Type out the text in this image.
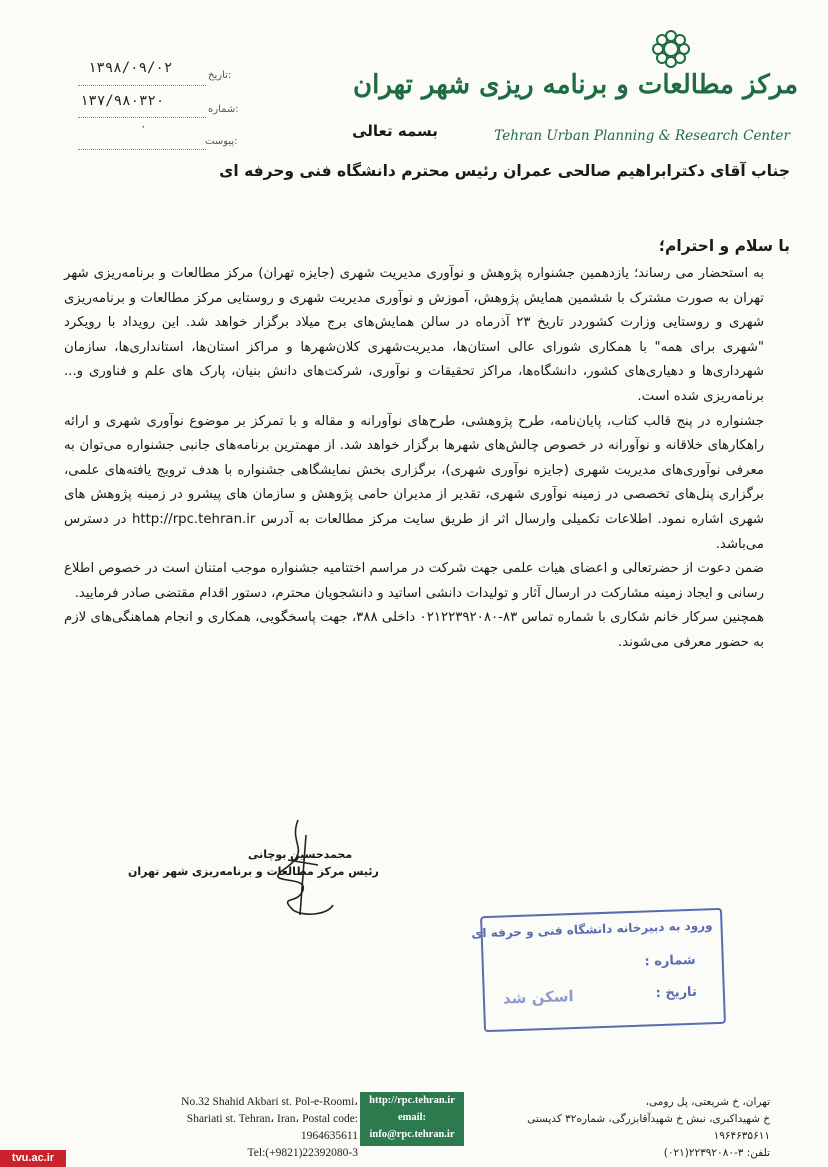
مرکز مطالعات و برنامه ریزی شهر تهران
Tehran Urban Planning & Research Center
تاریخ:
۱۳۹۸/۰۹/۰۲
شماره:
۱۳۷/۹۸۰۳۲۰
پیوست:
۰	بسمه تعالی
جناب آقای دکترابراهیم صالحی عمران رئیس محترم دانشگاه فنی وحرفه ای
با سلام و احترام؛

به استحضار می رساند؛ یازدهمین جشنواره پژوهش و نوآوری مدیریت شهری (جایزه تهران) مرکز مطالعات و برنامه‌ریزی شهر تهران به صورت مشترک با ششمین همایش پژوهش، آموزش و نوآوری مدیریت شهری و روستایی مرکز مطالعات و برنامه‌ریزی شهری و روستایی وزارت کشوردر تاریخ ۲۳ آذرماه در سالن همایش‌های برج میلاد برگزار خواهد شد. این رویداد با رویکرد "شهری برای همه" با همکاری شورای عالی استان‌ها، مدیریت‌شهری کلان‌شهرها و مراکز استان‌ها، استانداری‌ها، سازمان شهرداری‌ها و دهیاری‌های کشور، دانشگاه‌ها، مراکز تحقیقات و نوآوری، شرکت‌های دانش بنیان، پارک های علم و فناوری و... برنامه‌ریزی شده است.

جشنواره در پنج قالب کتاب، پایان‌نامه، طرح پژوهشی، طرح‌های نوآورانه و مقاله و با تمرکز بر موضوع نوآوری شهری و ارائه راهکارهای خلاقانه و نوآورانه در خصوص چالش‌های شهرها برگزار خواهد شد. از مهمترین برنامه‌های جانبی جشنواره می‌توان به معرفی نوآوری‌های مدیریت شهری (جایزه نوآوری شهری)، برگزاری بخش نمایشگاهی جشنواره با هدف ترویج یافته‌های علمی، برگزاری پنل‌های تخصصی در زمینه نوآوری شهری، تقدیر از مدیران حامی پژوهش و سازمان های پیشرو در زمینه پژوهش های شهری اشاره نمود. اطلاعات تکمیلی وارسال اثر از طریق سایت مرکز مطالعات به آدرس http://rpc.tehran.ir در دسترس می‌باشد.

ضمن دعوت از حضرتعالی و اعضای هیات علمی جهت شرکت در مراسم اختتامیه جشنواره موجب امتنان است در خصوص اطلاع رسانی و ایجاد زمینه مشارکت در ارسال آثار و تولیدات دانشی اساتید و دانشجویان محترم، دستور اقدام مقتضی صادر فرمایید.

همچنین سرکار خانم شکاری با شماره تماس ۸۳-۰۲۱۲۲۳۹۲۰۸۰ داخلی ۳۸۸، جهت پاسخگویی، همکاری و انجام هماهنگی‌های لازم به حضور معرفی می‌شوند.

محمدحسین بوچانی
رئیس مرکز مطالعات و برنامه‌ریزی شهر تهران
ورود به دبیرخانه دانشگاه فنی و حرفه ای
شماره :
تاریخ :
اسکن شد
No.32 Shahid Akbari st. Pol-e-Roomi،
Shariati st. Tehran، Iran، Postal code: 1964635611
Tel:(+9821)22392080-3
http://rpc.tehran.ir
email:
info@rpc.tehran.ir
تهران، خ شریعتی، پل رومی،
خ شهیداکبری، نبش خ شهیدآقابزرگی، شماره۳۲ کدپستی ۱۹۶۴۶۳۵۶۱۱
تلفن: ۳-۲۲۳۹۲۰۸۰(۰۲۱)
tvu.ac.ir
